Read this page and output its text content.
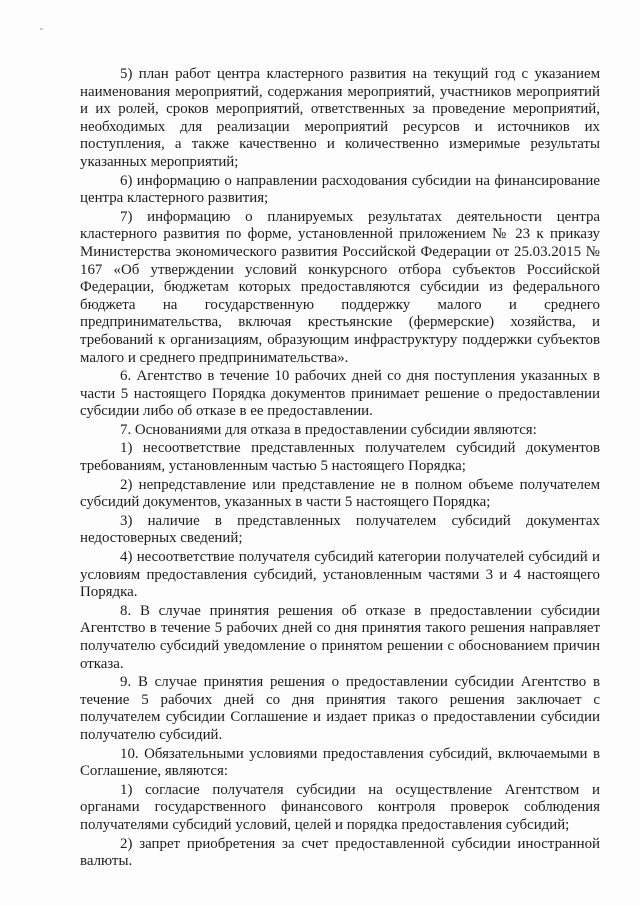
5) план работ центра кластерного развития на текущий год с указанием наименования мероприятий, содержания мероприятий, участников мероприятий и их ролей, сроков мероприятий, ответственных за проведение мероприятий, необходимых для реализации мероприятий ресурсов и источников их поступления, а также качественно и количественно измеримые результаты указанных мероприятий;

6) информацию о направлении расходования субсидии на финансирование центра кластерного развития;

7) информацию о планируемых результатах деятельности центра кластерного развития по форме, установленной приложением № 23 к приказу Министерства экономического развития Российской Федерации от 25.03.2015 № 167 «Об утверждении условий конкурсного отбора субъектов Российской Федерации, бюджетам которых предоставляются субсидии из федерального бюджета на государственную поддержку малого и среднего предпринимательства, включая крестьянские (фермерские) хозяйства, и требований к организациям, образующим инфраструктуру поддержки субъектов малого и среднего предпринимательства».

6. Агентство в течение 10 рабочих дней со дня поступления указанных в части 5 настоящего Порядка документов принимает решение о предоставлении субсидии либо об отказе в ее предоставлении.

7. Основаниями для отказа в предоставлении субсидии являются:

1) несоответствие представленных получателем субсидий документов требованиям, установленным частью 5 настоящего Порядка;

2) непредставление или представление не в полном объеме получателем субсидий документов, указанных в части 5 настоящего Порядка;

3) наличие в представленных получателем субсидий документах недостоверных сведений;

4) несоответствие получателя субсидий категории получателей субсидий и условиям предоставления субсидий, установленным частями 3 и 4 настоящего Порядка.

8. В случае принятия решения об отказе в предоставлении субсидии Агентство в течение 5 рабочих дней со дня принятия такого решения направляет получателю субсидий уведомление о принятом решении с обоснованием причин отказа.

9. В случае принятия решения о предоставлении субсидии Агентство в течение 5 рабочих дней со дня принятия такого решения заключает с получателем субсидии Соглашение и издает приказ о предоставлении субсидии получателю субсидий.

10. Обязательными условиями предоставления субсидий, включаемыми в Соглашение, являются:

1) согласие получателя субсидии на осуществление Агентством и органами государственного финансового контроля проверок соблюдения получателями субсидий условий, целей и порядка предоставления субсидий;

2) запрет приобретения за счет предоставленной субсидии иностранной валюты.
